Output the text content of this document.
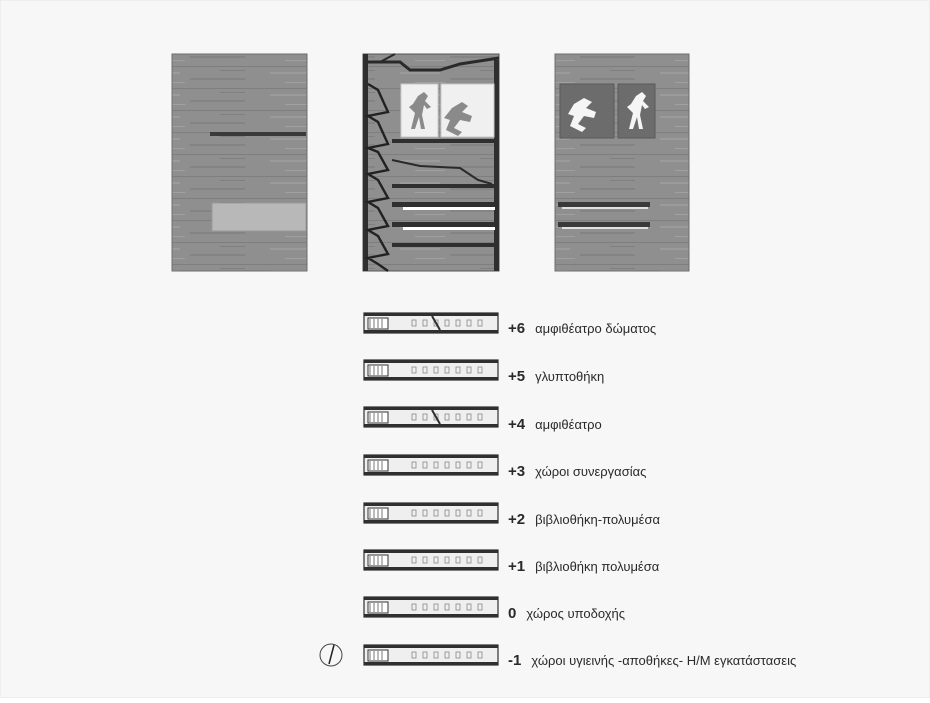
+6 αμφιθέατρο δώματος
+5 γλυπτοθήκη
+4 αμφιθέατρο
+3 χώροι συνεργασίας
+2 βιβλιοθήκη-πολυμέσα
+1 βιβλιοθήκη πολυμέσα
0 χώρος υποδοχής
-1 χώροι υγιεινής -αποθήκες- Η/Μ εγκατάστασεις
